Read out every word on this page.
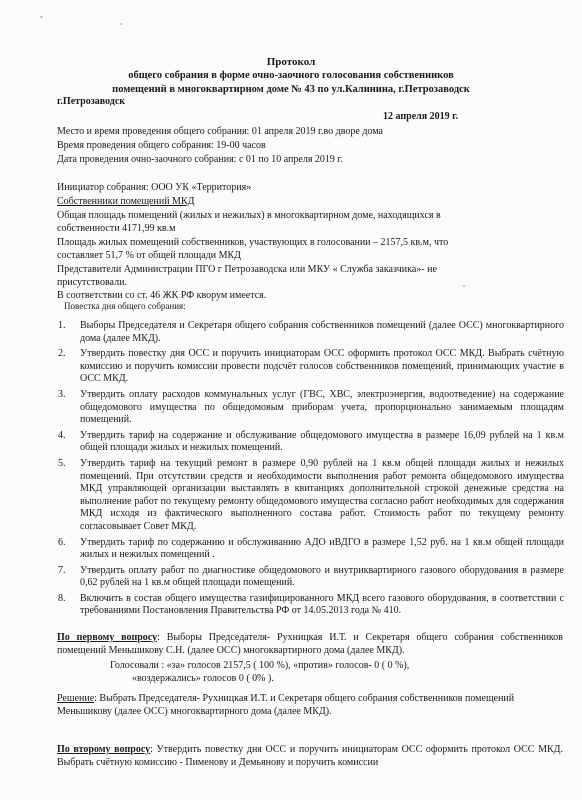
Протокол
общего собрания в форме очно-заочного голосования собственников
помещений в многоквартирном доме № 43 по ул.Калинина, г.Петрозаводск
г.Петрозаводск
12 апреля 2019 г.
Место и время проведения общего собрания: 01 апреля 2019 г.во дворе дома
Время проведения общего собрания: 19-00 часов
Дата проведения очно-заочного собрания: с 01 по 10 апреля 2019 г.
Инициатор собрания: ООО УК «Территория»
Собственники помещений МКД
Общая площадь помещений (жилых и нежилых) в многоквартирном доме, находящихся в
собственности 4171,99 кв.м
Площадь жилых помещений собственников, участвующих в голосовании – 2157,5 кв.м, что
составляет 51,7 % от общей площади МКД
Представители Администрации ПГО г Петрозаводска или МКУ « Служба заказчика»- не
присутствовали.
В соответствии со ст. 46 ЖК РФ кворум имеется.
Повестка дня общего собрания:
1. Выборы Председателя и Секретаря общего собрания собственников помещений (далее ОСС) многоквартирного дома (далее МКД).
2. Утвердить повестку дня ОСС и поручить инициаторам ОСС оформить протокол ОСС МКД. Выбрать счётную комиссию и поручить комиссии провести подсчёт голосов собственников помещений, принимающих участие в ОСС МКД.
3. Утвердить оплату расходов коммунальных услуг (ГВС, ХВС, электроэнергия, водоотведение) на содержание общедомового имущества по общедомовым приборам учета, пропорционально занимаемым площадям помещений.
4. Утвердить тариф на содержание и обслуживание общедомового имущества в размере 16,09 рублей на 1 кв.м общей площади жилых и нежилых помещений.
5. Утвердить тариф на текущий ремонт в размере 0,90 рублей на 1 кв.м общей площади жилых и нежилых помещений. При отсутствии средств и необходимости выполнения работ ремонта общедомового имущества МКД управляющей организации выставлять в квитанциях дополнительной строкой денежные средства на выполнение работ по текущему ремонту общедомового имущества согласно работ необходимых для содержания МКД исходя из фактического выполненного состава работ. Стоимость работ по текущему ремонту согласовывает Совет МКД.
6. Утвердить тариф по содержанию и обслуживанию АДО иВДГО в размере 1,52 руб. на 1 кв.м общей площади жилых и нежилых помещений .
7. Утвердить оплату работ по диагностике общедомового и внутриквартирного газового оборудования в размере 0,62 рублей на 1 кв.м общей площади помещений.
8. Включить в состав общего имущества газифицированного МКД всего газового оборудования, в соответствии с требованиями Постановления Правительства РФ от 14.05.2013 года № 410.
По первому вопросу: Выборы Председателя- Рухницкая И.Т. и Секретаря общего собрания собственников помещений Меньшикову С.Н. (далее ОСС) многоквартирного дома (далее МКД).
Голосовали : «за» голосов 2157,5 ( 100 %), «против» голосов- 0 ( 0 %),
«воздержались» голосов 0 ( 0% ).
Решение: Выбрать Председателя- Рухницкая И.Т. и Секретаря общего собрания собственников помещений Меньшикову (далее ОСС) многоквартирного дома (далее МКД).
По второму вопросу: Утвердить повестку дня ОСС и поручить инициаторам ОСС оформить протокол ОСС МКД. Выбрать счётную комиссию - Пименову и Демьянову и поручить комиссии
